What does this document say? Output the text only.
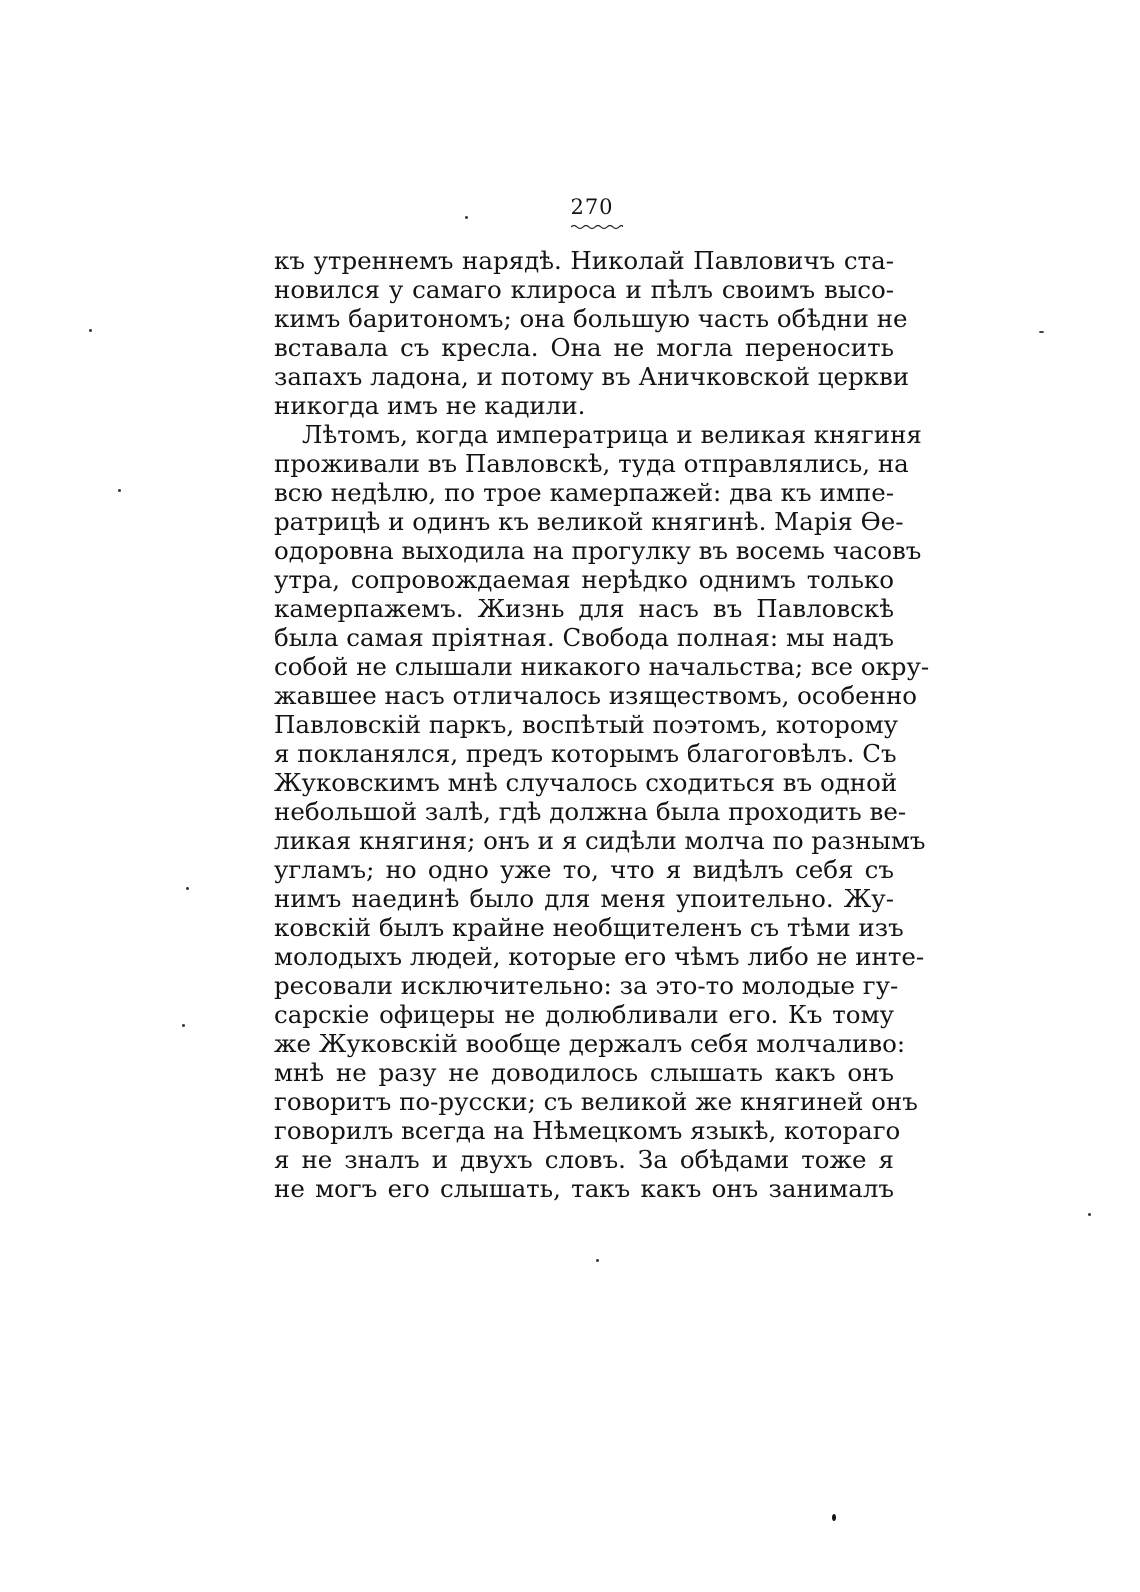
270
къ утреннемъ нарядѣ. Николай Павловичъ ста-
новился у самаго клироса и пѣлъ своимъ высо-
кимъ баритономъ; она большую часть обѣдни не
вставала съ кресла. Она не могла переносить
запахъ ладона, и потому въ Аничковской церкви
никогда имъ не кадили.
Лѣтомъ, когда императрица и великая княгиня
проживали въ Павловскѣ, туда отправлялись, на
всю недѣлю, по трое камерпажей: два къ импе-
ратрицѣ и одинъ къ великой княгинѣ. Марія Ѳе-
одоровна выходила на прогулку въ восемь часовъ
утра, сопровождаемая нерѣдко однимъ только
камерпажемъ. Жизнь для насъ въ Павловскѣ
была самая пріятная. Свобода полная: мы надъ
собой не слышали никакого начальства; все окру-
жавшее насъ отличалось изяществомъ, особенно
Павловскій паркъ, воспѣтый поэтомъ, которому
я покланялся, предъ которымъ благоговѣлъ. Съ
Жуковскимъ мнѣ случалось сходиться въ одной
небольшой залѣ, гдѣ должна была проходить ве-
ликая княгиня; онъ и я сидѣли молча по разнымъ
угламъ; но одно уже то, что я видѣлъ себя съ
нимъ наединѣ было для меня упоительно. Жу-
ковскій былъ крайне необщителенъ съ тѣми изъ
молодыхъ людей, которые его чѣмъ либо не инте-
ресовали исключительно: за это-то молодые гу-
сарскіе офицеры не долюбливали его. Къ тому
же Жуковскій вообще держалъ себя молчаливо:
мнѣ не разу не доводилось слышать какъ онъ
говоритъ по-русски; съ великой же княгиней онъ
говорилъ всегда на Нѣмецкомъ языкѣ, котораго
я не зналъ и двухъ словъ. За обѣдами тоже я
не могъ его слышать, такъ какъ онъ занималъ
